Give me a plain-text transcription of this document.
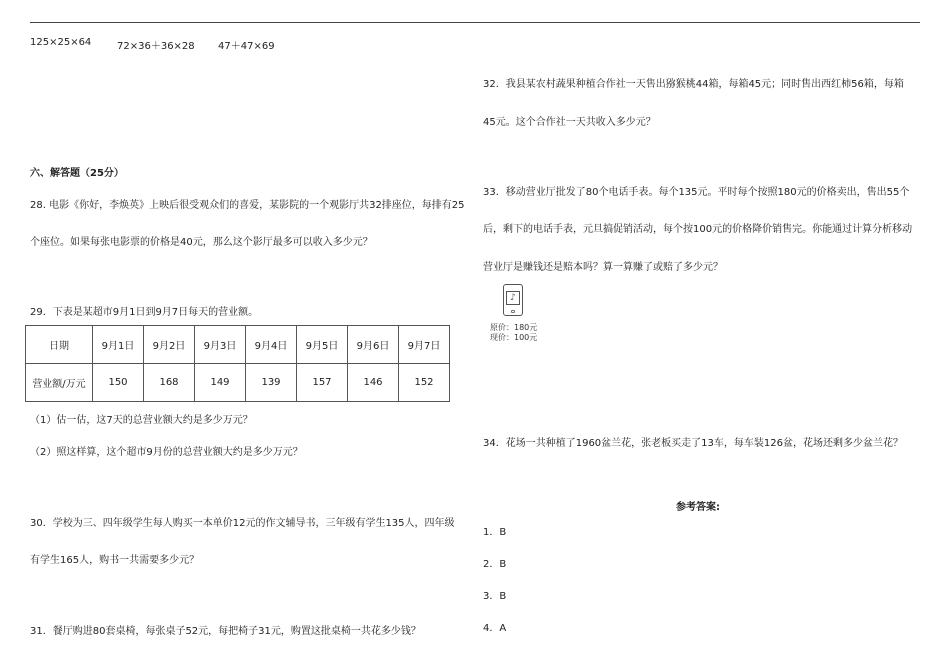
125×25×64	72×36＋36×28 47＋47×69
六、解答题（25分）
28. 电影《你好，李焕英》上映后很受观众们的喜爱，某影院的一个观影厅共32排座位，每排有25
个座位。如果每张电影票的价格是40元，那么这个影厅最多可以收入多少元？
29．下表是某超市9月1日到9月7日每天的营业额。
日期	9月1日	9月2日	9月3日	9月4日	9月5日	9月6日	9月7日
营业额/万元	150	168	149	139	157	146	152
（1）估一估，这7天的总营业额大约是多少万元？
（2）照这样算，这个超市9月份的总营业额大约是多少万元？
30．学校为三、四年级学生每人购买一本单价12元的作文辅导书，三年级有学生135人，四年级
有学生165人，购书一共需要多少元？
31．餐厅购进80套桌椅，每张桌子52元，每把椅子31元，购置这批桌椅一共花多少钱？
32．我县某农村蔬果种植合作社一天售出猕猴桃44箱，每箱45元；同时售出西红柿56箱，每箱
45元。这个合作社一天共收入多少元？
33．移动营业厅批发了80个电话手表。每个135元。平时每个按照180元的价格卖出，售出55个
后，剩下的电话手表，元旦搞促销活动，每个按100元的价格降价销售完。你能通过计算分析移动
营业厅是赚钱还是赔本吗？算一算赚了或赔了多少元？
♪
原价：180元
现价：100元
34．花场一共种植了1960盆兰花，张老板买走了13车，每车装126盆，花场还剩多少盆兰花？
参考答案:
1．B
2．B
3．B
4．A
